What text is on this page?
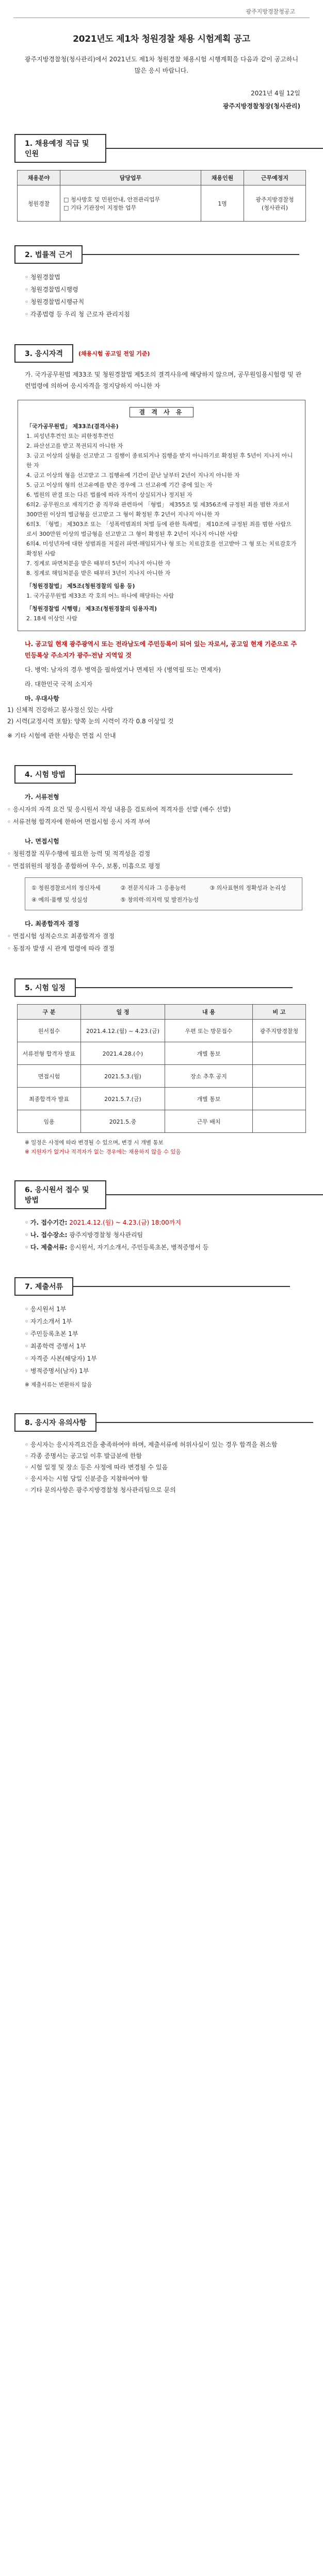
광주지방경찰청공고
2021년도 제1차 청원경찰 채용 시험계획 공고
광주지방경찰청(청사관리)에서 2021년도 제1차 청원경찰 채용시험 시행계획을 다음과 같이 공고하니 많은 응시 바랍니다.
2021년 4월 12일
광주지방경찰청장(청사관리)
1. 채용예정 직급 및 인원
채용분야	담당업무	채용인원	근무예정지
청원경찰	□ 청사방호 및 민원안내, 안전관리업무
□ 기타 기관장이 지정한 업무	1명	광주지방경찰청
(청사관리)
2. 법률적 근거
◦ 청원경찰법
◦ 청원경찰법시행령
◦ 청원경찰법시행규칙
◦ 각종법령 등 우리 청 근로자 관리지침
3. 응시자격	(채용시험 공고일 전일 기준)
가. 국가공무원법 제33조 및 청원경찰법 제5조의 결격사유에 해당하지 않으며, 공무원임용시험령 및 관련법령에 의하여 응시자격을 정지당하지 아니한 자
결 격 사 유
「국가공무원법」 제33조(결격사유)
1. 피성년후견인 또는 피한정후견인
2. 파산선고를 받고 복권되지 아니한 자
3. 금고 이상의 실형을 선고받고 그 집행이 종료되거나 집행을 받지 아니하기로 확정된 후 5년이 지나지 아니한 자
4. 금고 이상의 형을 선고받고 그 집행유예 기간이 끝난 날부터 2년이 지나지 아니한 자
5. 금고 이상의 형의 선고유예를 받은 경우에 그 선고유예 기간 중에 있는 자
6. 법원의 판결 또는 다른 법률에 따라 자격이 상실되거나 정지된 자
6의2. 공무원으로 재직기간 중 직무와 관련하여 「형법」 제355조 및 제356조에 규정된 죄를 범한 자로서 300만원 이상의 벌금형을 선고받고 그 형이 확정된 후 2년이 지나지 아니한 자
6의3. 「형법」 제303조 또는 「성폭력범죄의 처벌 등에 관한 특례법」 제10조에 규정된 죄를 범한 사람으로서 300만원 이상의 벌금형을 선고받고 그 형이 확정된 후 2년이 지나지 아니한 사람
6의4. 미성년자에 대한 성범죄를 저질러 파면·해임되거나 형 또는 치료감호를 선고받아 그 형 또는 치료감호가 확정된 사람
7. 징계로 파면처분을 받은 때부터 5년이 지나지 아니한 자
8. 징계로 해임처분을 받은 때부터 3년이 지나지 아니한 자
「청원경찰법」 제5조(청원경찰의 임용 등)
1. 국가공무원법 제33조 각 호의 어느 하나에 해당하는 사람
「청원경찰법 시행령」 제3조(청원경찰의 임용자격)
2. 18세 이상인 사람
나. 공고일 현재 광주광역시 또는 전라남도에 주민등록이 되어 있는 자로서, 공고일 현재 기준으로 주민등록상 주소지가 광주·전남 지역일 것
다. 병역: 남자의 경우 병역을 필하였거나 면제된 자 (병역필 또는 면제자)
라. 대한민국 국적 소지자
마. 우대사항
1) 신체적 건강하고 봉사정신 있는 사람
2) 시력(교정시력 포함): 양쪽 눈의 시력이 각각 0.8 이상일 것
※ 기타 시험에 관한 사항은 면접 시 안내
4. 시험 방법
가. 서류전형
◦ 응시자의 자격 요건 및 응시원서 작성 내용을 검토하여 적격자를 선발 (배수 선발)
◦ 서류전형 합격자에 한하여 면접시험 응시 자격 부여
나. 면접시험
◦ 청원경찰 직무수행에 필요한 능력 및 적격성을 검정
◦ 면접위원의 평정을 종합하여 우수, 보통, 미흡으로 평정
① 청원경찰로서의 정신자세	② 전문지식과 그 응용능력	③ 의사표현의 정확성과 논리성
④ 예의·품행 및 성실성	⑤ 창의력·의지력 및 발전가능성
다. 최종합격자 결정
◦ 면접시험 성적순으로 최종합격자 결정
◦ 동점자 발생 시 관계 법령에 따라 결정
5. 시험 일정
구 분	일 정	내 용	비 고
원서접수	2021.4.12.(월) ~ 4.23.(금)	우편 또는 방문접수	광주지방경찰청
서류전형 합격자 발표	2021.4.28.(수)	개별 통보	
면접시험	2021.5.3.(월)	장소 추후 공지	
최종합격자 발표	2021.5.7.(금)	개별 통보	
임용	2021.5.중	근무 배치	
※ 일정은 사정에 따라 변경될 수 있으며, 변경 시 개별 통보
※ 지원자가 없거나 적격자가 없는 경우에는 채용하지 않을 수 있음
6. 응시원서 접수 및 방법
◦ 가. 접수기간: 2021.4.12.(월) ~ 4.23.(금) 18:00까지
◦ 나. 접수장소: 광주지방경찰청 청사관리팀
◦ 다. 제출서류: 응시원서, 자기소개서, 주민등록초본, 병적증명서 등
7. 제출서류
◦ 응시원서 1부
◦ 자기소개서 1부
◦ 주민등록초본 1부
◦ 최종학력 증명서 1부
◦ 자격증 사본(해당자) 1부
◦ 병적증명서(남자) 1부
※ 제출서류는 반환하지 않음
8. 응시자 유의사항
◦ 응시자는 응시자격요건을 충족하여야 하며, 제출서류에 허위사실이 있는 경우 합격을 취소함
◦ 각종 증명서는 공고일 이후 발급분에 한함
◦ 시험 일정 및 장소 등은 사정에 따라 변경될 수 있음
◦ 응시자는 시험 당일 신분증을 지참하여야 함
◦ 기타 문의사항은 광주지방경찰청 청사관리팀으로 문의
